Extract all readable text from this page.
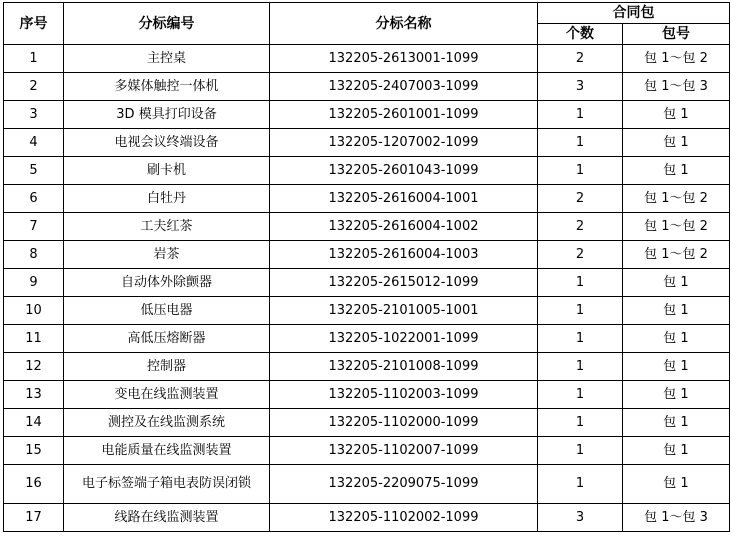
序号	分标编号	分标名称	合同包	
			个数	包号
1	主控桌	132205-2613001-1099	2	包 1～包 2
2	多媒体触控一体机	132205-2407003-1099	3	包 1～包 3
3	3D 模具打印设备	132205-2601001-1099	1	包 1
4	电视会议终端设备	132205-1207002-1099	1	包 1
5	刷卡机	132205-2601043-1099	1	包 1
6	白牡丹	132205-2616004-1001	2	包 1～包 2
7	工夫红茶	132205-2616004-1002	2	包 1～包 2
8	岩茶	132205-2616004-1003	2	包 1～包 2
9	自动体外除颤器	132205-2615012-1099	1	包 1
10	低压电器	132205-2101005-1001	1	包 1
11	高低压熔断器	132205-1022001-1099	1	包 1
12	控制器	132205-2101008-1099	1	包 1
13	变电在线监测装置	132205-1102003-1099	1	包 1
14	测控及在线监测系统	132205-1102000-1099	1	包 1
15	电能质量在线监测装置	132205-1102007-1099	1	包 1
16	电子标签端子箱电表防误闭锁	132205-2209075-1099	1	包 1
17	线路在线监测装置	132205-1102002-1099	3	包 1～包 3
